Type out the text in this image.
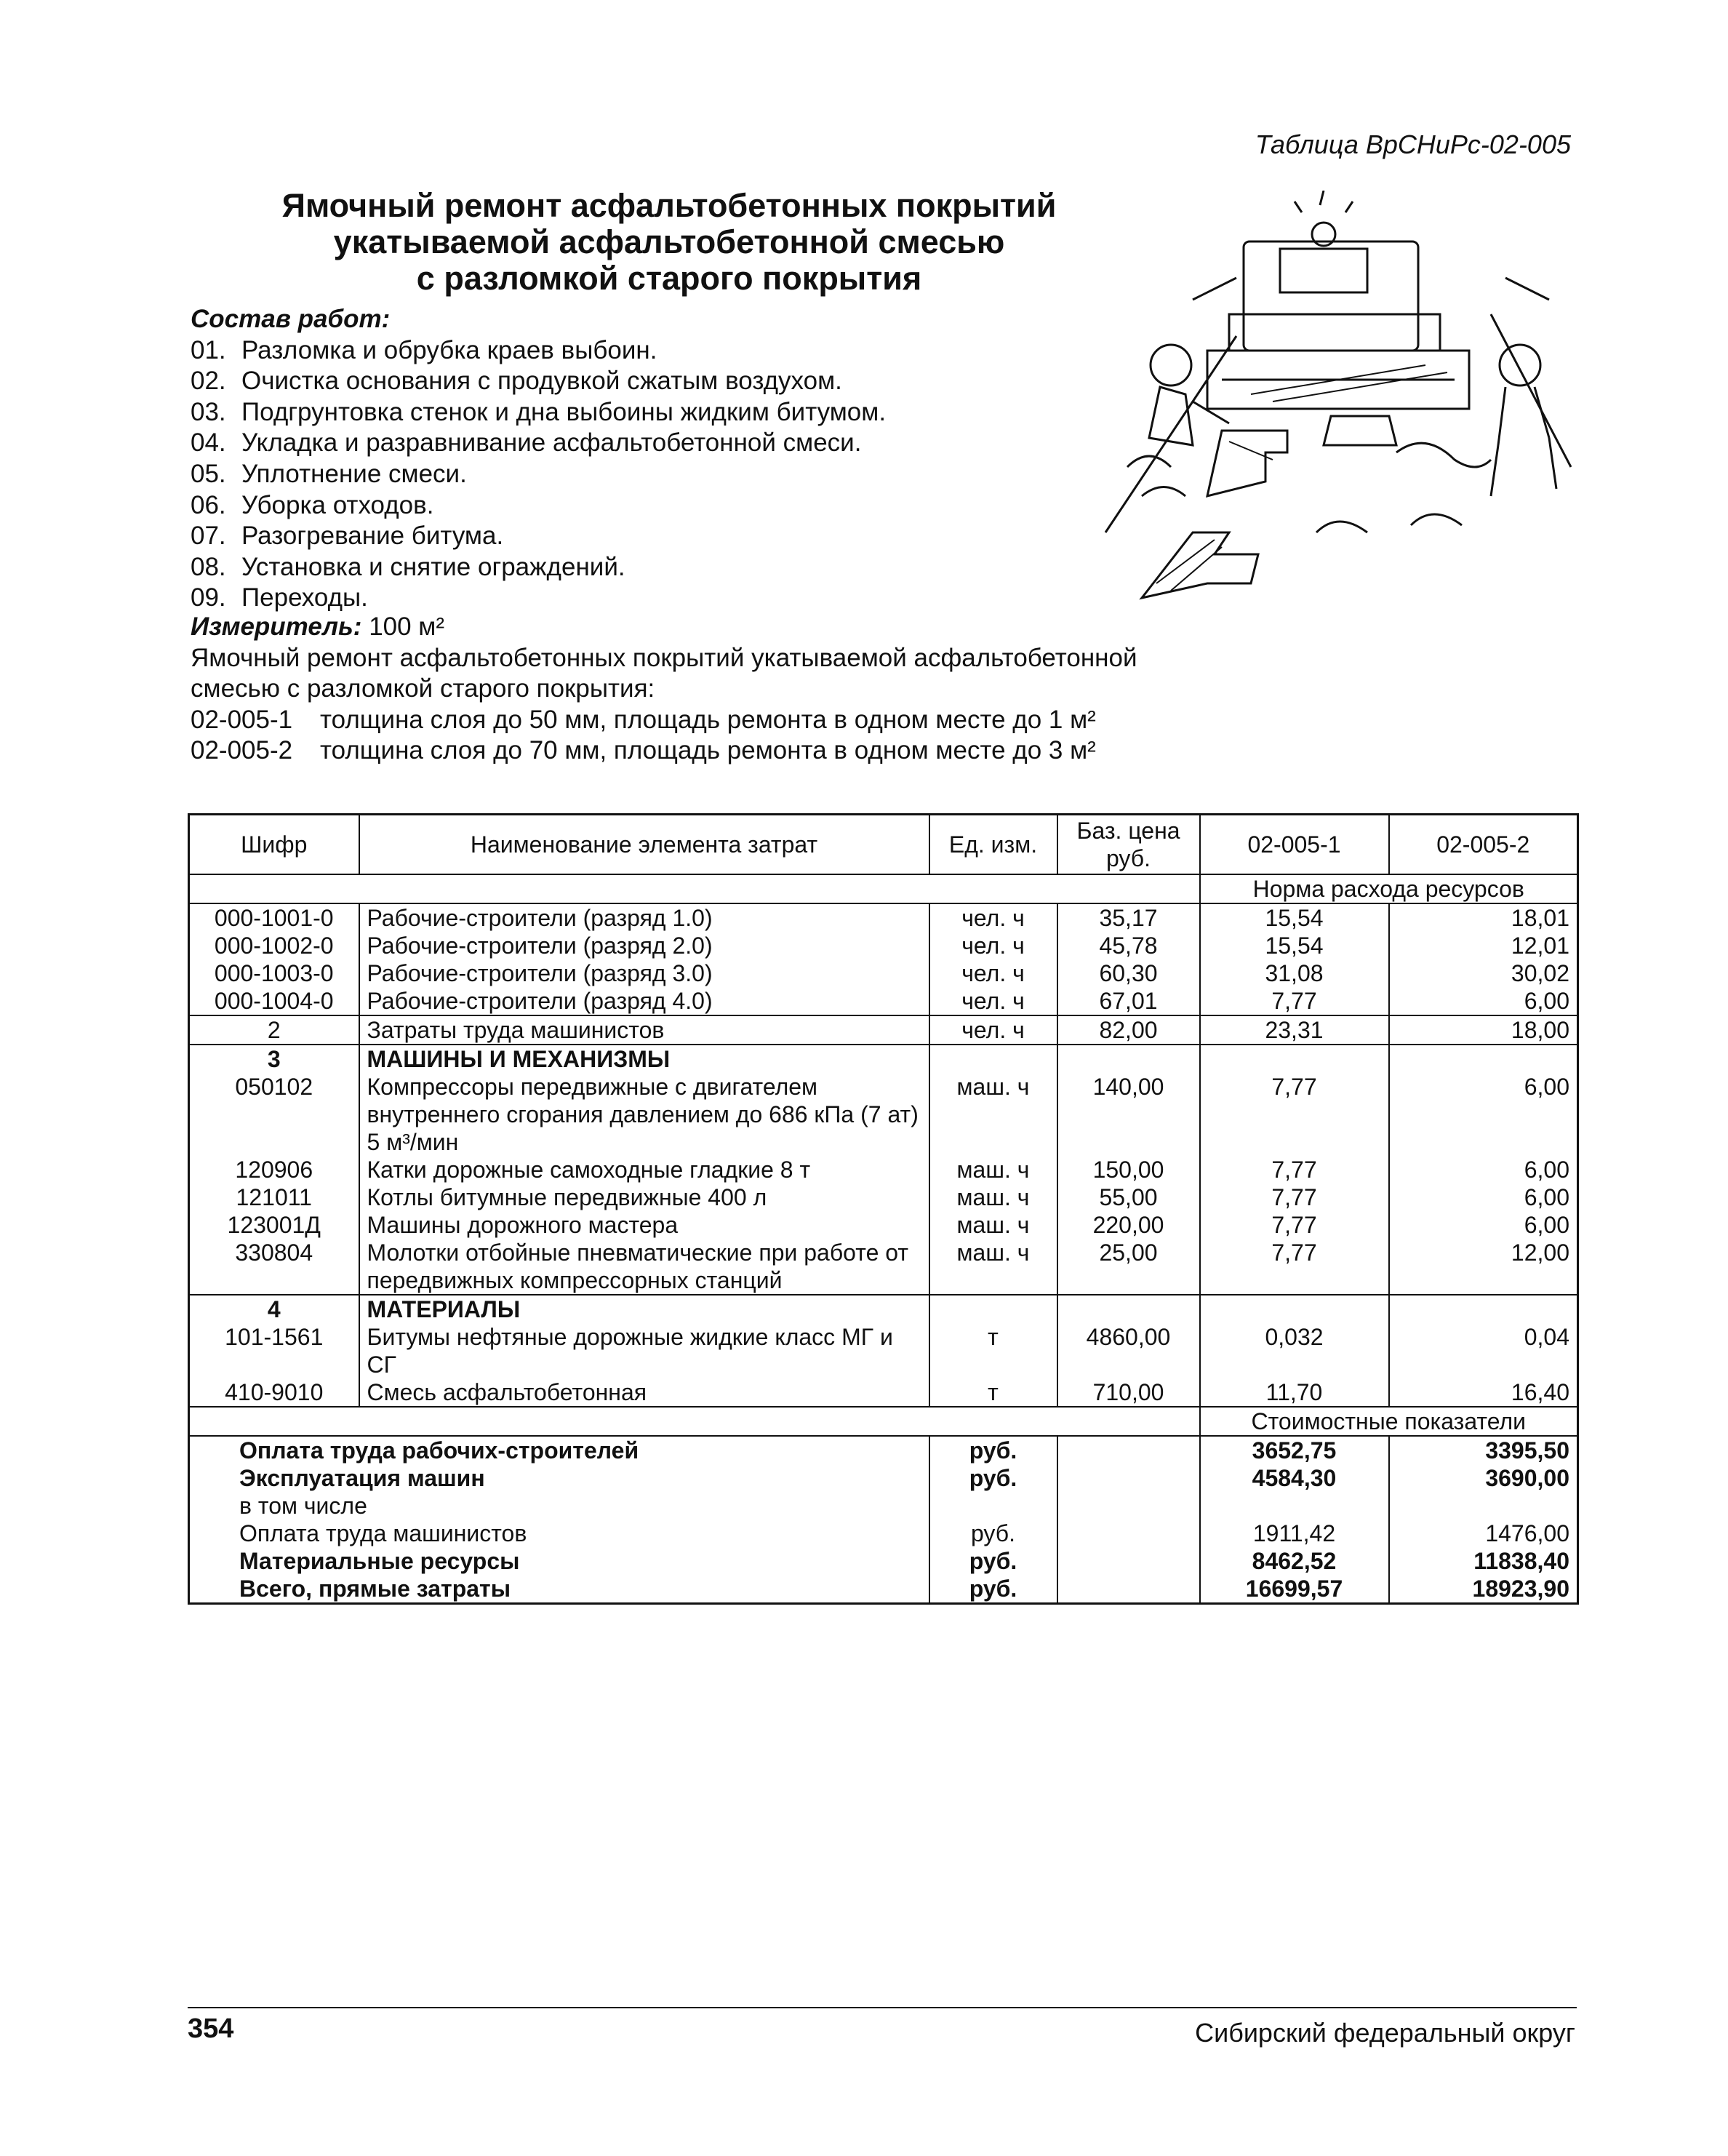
Таблица ВрСНиРс-02-005
Ямочный ремонт асфальтобетонных покрытий
укатываемой асфальтобетонной смесью
с разломкой старого покрытия
Состав работ:
01. Разломка и обрубка краев выбоин.
02. Очистка основания с продувкой сжатым воздухом.
03. Подгрунтовка стенок и дна выбоины жидким битумом.
04. Укладка и разравнивание асфальтобетонной смеси.
05. Уплотнение смеси.
06. Уборка отходов.
07. Разогревание битума.
08. Установка и снятие ограждений.
09. Переходы.
Измеритель: 100 м²
Ямочный ремонт асфальтобетонных покрытий укатываемой асфальтобетонной смесью с разломкой старого покрытия:
02-005-1 толщина слоя до 50 мм, площадь ремонта в одном месте до 1 м²
02-005-2 толщина слоя до 70 мм, площадь ремонта в одном месте до 3 м²
Шифр	Наименование элемента затрат	Ед. изм.	Баз. цена руб.	02-005-1	02-005-2
				Норма расхода ресурсов	
000-1001-0	Рабочие-строители (разряд 1.0)	чел. ч	35,17	15,54	18,01
000-1002-0	Рабочие-строители (разряд 2.0)	чел. ч	45,78	15,54	12,01
000-1003-0	Рабочие-строители (разряд 3.0)	чел. ч	60,30	31,08	30,02
000-1004-0	Рабочие-строители (разряд 4.0)	чел. ч	67,01	7,77	6,00
2	Затраты труда машинистов	чел. ч	82,00	23,31	18,00
3	МАШИНЫ И МЕХАНИЗМЫ				
050102	Компрессоры передвижные с двигателем внутреннего сгорания давлением до 686 кПа (7 ат) 5 м³/мин	маш. ч	140,00	7,77	6,00
120906	Катки дорожные самоходные гладкие 8 т	маш. ч	150,00	7,77	6,00
121011	Котлы битумные передвижные 400 л	маш. ч	55,00	7,77	6,00
123001Д	Машины дорожного мастера	маш. ч	220,00	7,77	6,00
330804	Молотки отбойные пневматические при работе от передвижных компрессорных станций	маш. ч	25,00	7,77	12,00
4	МАТЕРИАЛЫ				
101-1561	Битумы нефтяные дорожные жидкие класс МГ и СГ	т	4860,00	0,032	0,04
410-9010	Смесь асфальтобетонная	т	710,00	11,70	16,40
				Стоимостные показатели	
Оплата труда рабочих-строителей		руб.		3652,75	3395,50
Эксплуатация машин		руб.		4584,30	3690,00
в том числе					
Оплата труда машинистов		руб.		1911,42	1476,00
Материальные ресурсы		руб.		8462,52	11838,40
Всего, прямые затраты		руб.		16699,57	18923,90
354	Сибирский федеральный округ
